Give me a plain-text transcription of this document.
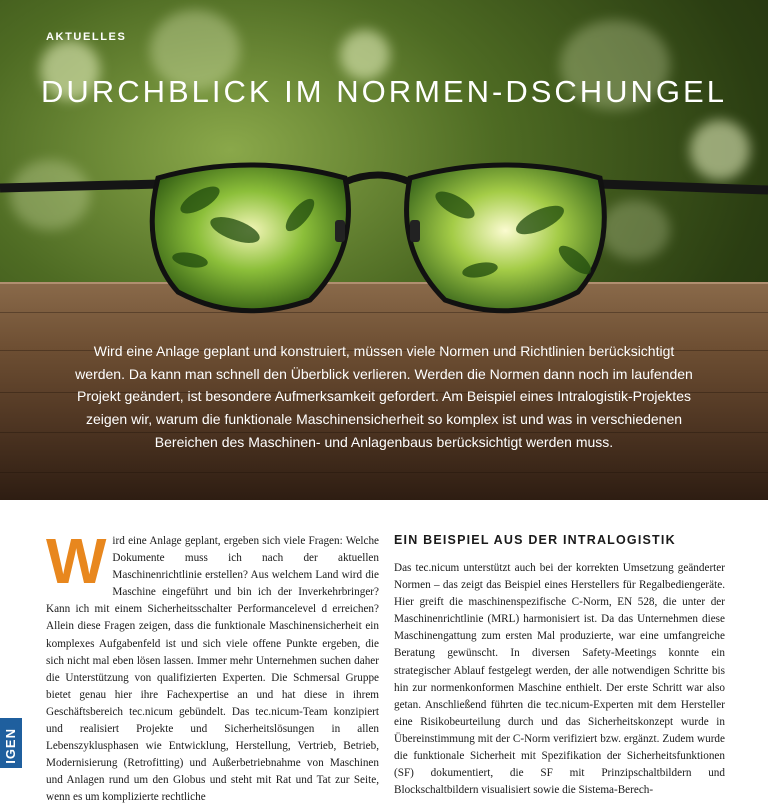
AKTUELLES
DURCHBLICK IM NORMEN-DSCHUNGEL
Wird eine Anlage geplant und konstruiert, müssen viele Normen und Richtlinien berücksichtigt werden. Da kann man schnell den Überblick verlieren. Werden die Normen dann noch im laufenden Projekt geändert, ist besondere Aufmerksamkeit gefordert. Am Beispiel eines Intralogistik-Projektes zeigen wir, warum die funktionale Maschinensicherheit so komplex ist und was in verschiedenen Bereichen des Maschinen- und Anlagenbaus berücksichtigt werden muss.
Wird eine Anlage geplant, ergeben sich viele Fragen: Welche Dokumente muss ich nach der aktuellen Maschinenrichtlinie erstellen? Aus welchem Land wird die Maschine eingeführt und bin ich der Inverkehrbringer? Kann ich mit einem Sicherheitsschalter Performancelevel d erreichen? Allein diese Fragen zeigen, dass die funktionale Maschinensicherheit ein komplexes Aufgabenfeld ist und sich viele offene Punkte ergeben, die sich nicht mal eben lösen lassen. Immer mehr Unternehmen suchen daher die Unterstützung von qualifizierten Experten. Die Schmersal Gruppe bietet genau hier ihre Fachexpertise an und hat diese in ihrem Geschäftsbereich tec.nicum gebündelt. Das tec.nicum-Team konzipiert und realisiert Projekte und Sicherheitslösungen in allen Lebenszyklusphasen wie Entwicklung, Herstellung, Vertrieb, Betrieb, Modernisierung (Retrofitting) und Außerbetriebnahme von Maschinen und Anlagen rund um den Globus und steht mit Rat und Tat zur Seite, wenn es um komplizierte rechtliche
EIN BEISPIEL AUS DER INTRALOGISTIK
Das tec.nicum unterstützt auch bei der korrekten Umsetzung geänderter Normen – das zeigt das Beispiel eines Herstellers für Regalbediengeräte. Hier greift die maschinenspezifische C-Norm, EN 528, die unter der Maschinenrichtlinie (MRL) harmonisiert ist. Da das Unternehmen diese Maschinengattung zum ersten Mal produzierte, war eine umfangreiche Beratung gewünscht. In diversen Safety-Meetings konnte ein strategischer Ablauf festgelegt werden, der alle notwendigen Schritte bis hin zur normenkonformen Maschine enthielt. Der erste Schritt war also getan. Anschließend führten die tec.nicum-Experten mit dem Hersteller eine Risikobeurteilung durch und das Sicherheitskonzept wurde in Übereinstimmung mit der C-Norm verifiziert bzw. ergänzt. Zudem wurde die funktionale Sicherheit mit Spezifikation der Sicherheitsfunktionen (SF) dokumentiert, die SF mit Prinzipschaltbildern und Blockschaltbildern visualisiert sowie die Sistema-Berech-
IGEN
